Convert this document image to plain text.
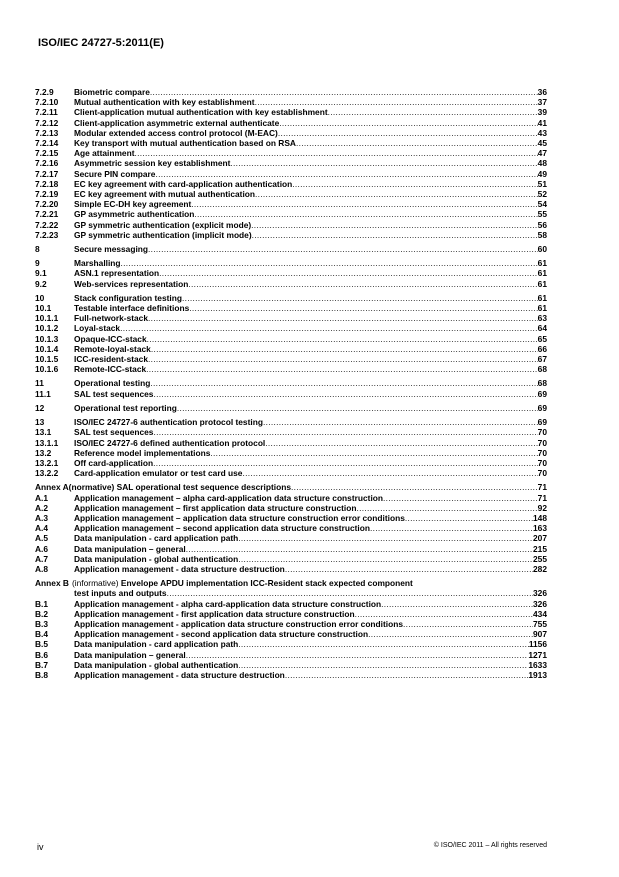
ISO/IEC 24727-5:2011(E)
7.2.9	Biometric compare .....	36
7.2.10	Mutual authentication with key establishment .....	37
7.2.11	Client-application mutual authentication with key establishment .....	39
7.2.12	Client-application asymmetric external authenticate .....	41
7.2.13	Modular extended access control protocol (M-EAC) .....	43
7.2.14	Key transport with mutual authentication based on RSA .....	45
7.2.15	Age attainment .....	47
7.2.16	Asymmetric session key establishment .....	48
7.2.17	Secure PIN compare .....	49
7.2.18	EC key agreement with card-application authentication .....	51
7.2.19	EC key agreement with mutual authentication .....	52
7.2.20	Simple EC-DH key agreement .....	54
7.2.21	GP asymmetric authentication .....	55
7.2.22	GP symmetric authentication (explicit mode) .....	56
7.2.23	GP symmetric authentication (implicit mode) .....	58
8	Secure messaging .....	60
9	Marshalling .....	61
9.1	ASN.1 representation .....	61
9.2	Web-services representation .....	61
10	Stack configuration testing .....	61
10.1	Testable interface definitions .....	61
10.1.1	Full-network-stack .....	63
10.1.2	Loyal-stack .....	64
10.1.3	Opaque-ICC-stack .....	65
10.1.4	Remote-loyal-stack .....	66
10.1.5	ICC-resident-stack .....	67
10.1.6	Remote-ICC-stack .....	68
11	Operational testing .....	68
11.1	SAL test sequences .....	69
12	Operational test reporting .....	69
13	ISO/IEC 24727-6 authentication protocol testing .....	69
13.1	SAL test sequences .....	70
13.1.1	ISO/IEC 24727-6 defined authentication protocol .....	70
13.2	Reference model implementations .....	70
13.2.1	Off card-application .....	70
13.2.2	Card-application emulator or test card use .....	70
Annex A(normative) SAL operational test sequence descriptions .....	71
A.1	Application management – alpha card-application data structure construction .....	71
A.2	Application management – first application data structure construction .....	92
A.3	Application management – application data structure construction error conditions .....	148
A.4	Application management – second application data structure construction .....	163
A.5	Data manipulation - card application path .....	207
A.6	Data manipulation – general .....	215
A.7	Data manipulation - global authentication .....	255
A.8	Application management - data structure destruction .....	282
Annex B (informative) Envelope APDU implementation ICC-Resident stack expected component
test inputs and outputs .....	326
B.1	Application management - alpha card-application data structure construction .....	326
B.2	Application management - first application data structure construction .....	434
B.3	Application management - application data structure construction error conditions .....	755
B.4	Application management - second application data structure construction .....	907
B.5	Data manipulation - card application path .....	1156
B.6	Data manipulation – general .....	1271
B.7	Data manipulation - global authentication .....	1633
B.8	Application management - data structure destruction .....	1913
iv	© ISO/IEC 2011 – All rights reserved
